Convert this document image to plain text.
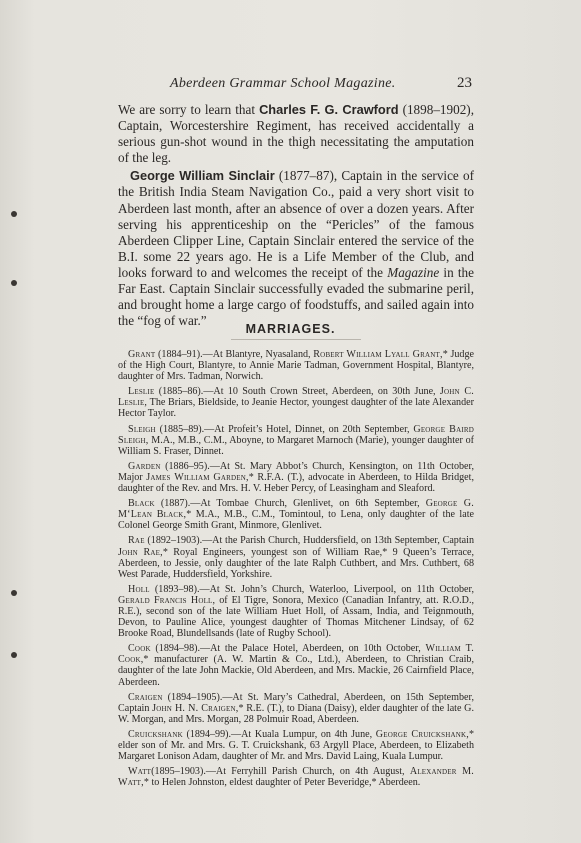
Aberdeen Grammar School Magazine.	23

We are sorry to learn that Charles F. G. Crawford (1898–1902), Captain, Worcestershire Regiment, has received accidentally a serious gun-shot wound in the thigh necessitating the amputation of the leg.

George William Sinclair (1877–87), Captain in the service of the British India Steam Navigation Co., paid a very short visit to Aberdeen last month, after an absence of over a dozen years. After serving his apprenticeship on the “Pericles” of the famous Aberdeen Clipper Line, Captain Sinclair entered the service of the B.I. some 22 years ago. He is a Life Member of the Club, and looks forward to and welcomes the receipt of the Magazine in the Far East. Captain Sinclair successfully evaded the submarine peril, and brought home a large cargo of foodstuffs, and sailed again into the “fog of war.”

MARRIAGES.

Grant (1884–91).—At Blantyre, Nyasaland, Robert William Lyall Grant,* Judge of the High Court, Blantyre, to Annie Marie Tadman, Government Hospital, Blantyre, daughter of Mrs. Tadman, Norwich.

Leslie (1885–86).—At 10 South Crown Street, Aberdeen, on 30th June, John C. Leslie, The Briars, Bieldside, to Jeanie Hector, youngest daughter of the late Alexander Hector Taylor.

Sleigh (1885–89).—At Profeit’s Hotel, Dinnet, on 20th September, George Baird Sleigh, M.A., M.B., C.M., Aboyne, to Margaret Marnoch (Marie), younger daughter of William S. Fraser, Dinnet.

Garden (1886–95).—At St. Mary Abbot’s Church, Kensington, on 11th October, Major James William Garden,* R.F.A. (T.), advocate in Aberdeen, to Hilda Bridget, daughter of the Rev. and Mrs. H. V. Heber Percy, of Leasingham and Sleaford.

Black (1887).—At Tombae Church, Glenlivet, on 6th September, George G. M‘Lean Black,* M.A., M.B., C.M., Tomintoul, to Lena, only daughter of the late Colonel George Smith Grant, Minmore, Glenlivet.

Rae (1892–1903).—At the Parish Church, Huddersfield, on 13th September, Captain John Rae,* Royal Engineers, youngest son of William Rae,* 9 Queen’s Terrace, Aberdeen, to Jessie, only daughter of the late Ralph Cuthbert, and Mrs. Cuthbert, 68 West Parade, Huddersfield, Yorkshire.

Holl (1893–98).—At St. John’s Church, Waterloo, Liverpool, on 11th October, Gerald Francis Holl, of El Tigre, Sonora, Mexico (Canadian Infantry, att. R.O.D., R.E.), second son of the late William Huet Holl, of Assam, India, and Teignmouth, Devon, to Pauline Alice, youngest daughter of Thomas Mitchener Lindsay, of 62 Brooke Road, Blundellsands (late of Rugby School).

Cook (1894–98).—At the Palace Hotel, Aberdeen, on 10th October, William T. Cook,* manufacturer (A. W. Martin & Co., Ltd.), Aberdeen, to Christian Craib, daughter of the late John Mackie, Old Aberdeen, and Mrs. Mackie, 26 Cairnfield Place, Aberdeen.

Craigen (1894–1905).—At St. Mary’s Cathedral, Aberdeen, on 15th September, Captain John H. N. Craigen,* R.E. (T.), to Diana (Daisy), elder daughter of the late G. W. Morgan, and Mrs. Morgan, 28 Polmuir Road, Aberdeen.

Cruickshank (1894–99).—At Kuala Lumpur, on 4th June, George Cruickshank,* elder son of Mr. and Mrs. G. T. Cruickshank, 63 Argyll Place, Aberdeen, to Elizabeth Margaret Lonison Adam, daughter of Mr. and Mrs. David Laing, Kuala Lumpur.

Watt(1895–1903).—At Ferryhill Parish Church, on 4th August, Alexander M. Watt,* to Helen Johnston, eldest daughter of Peter Beveridge,* Aberdeen.
